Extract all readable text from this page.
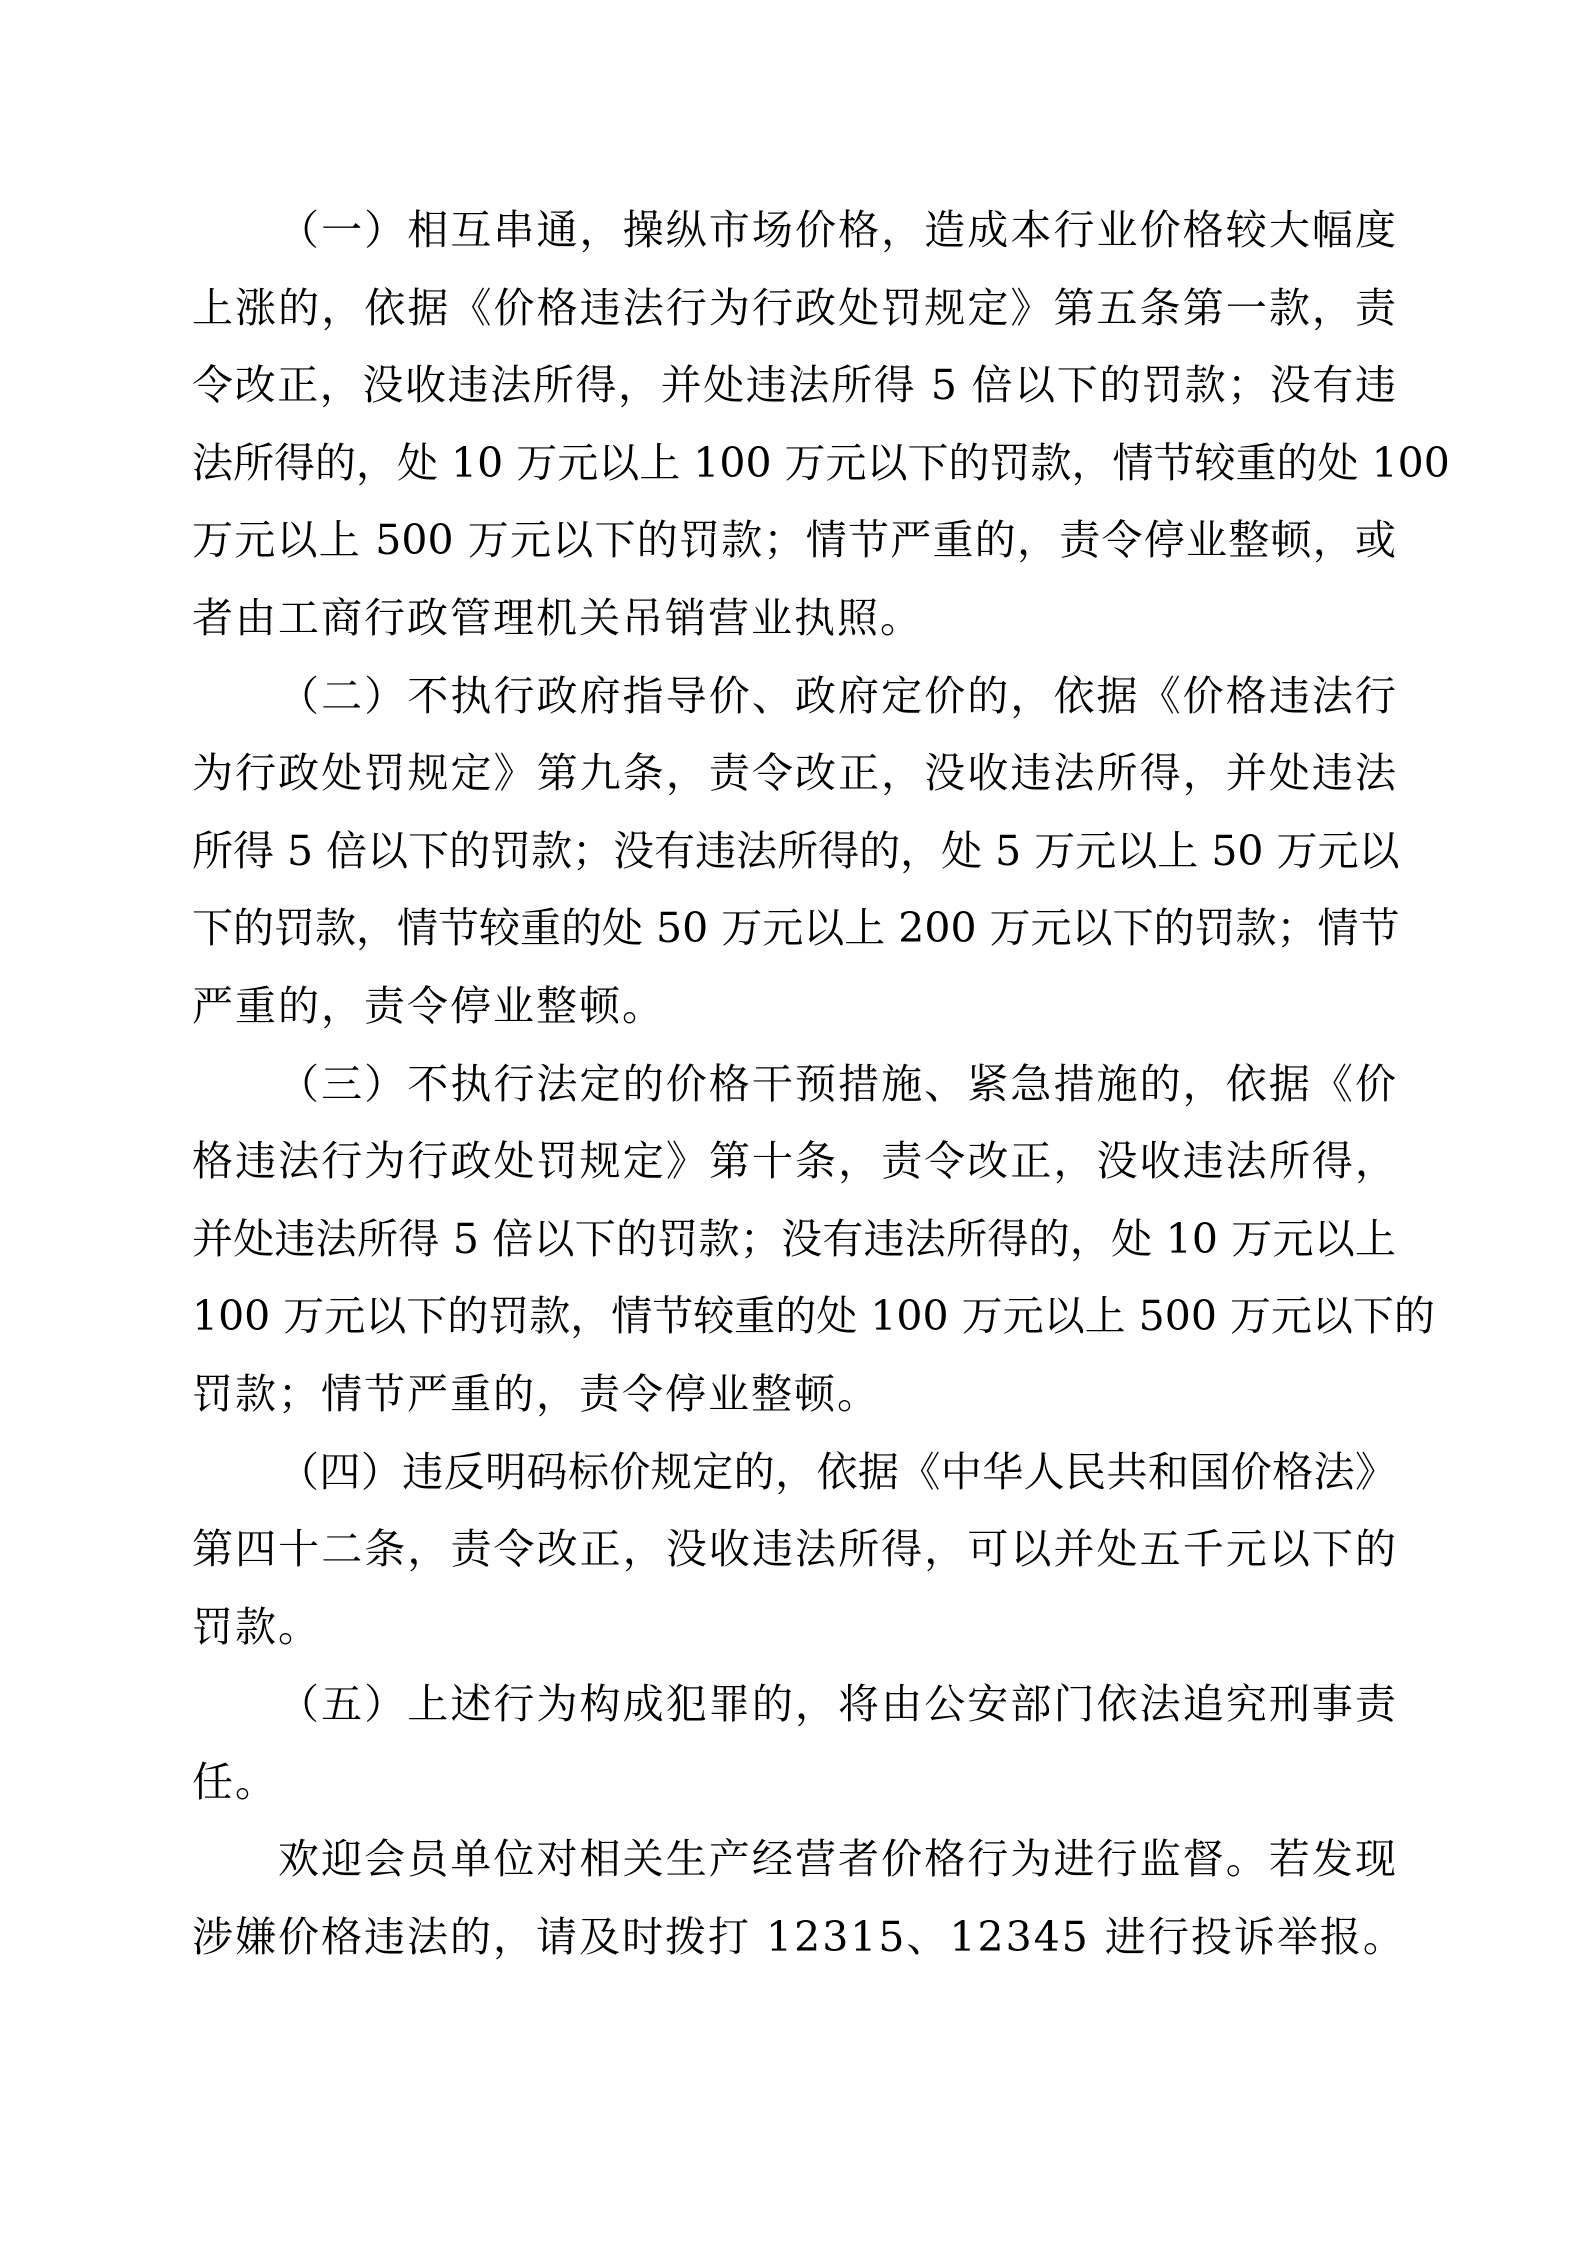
（一）相互串通，操纵市场价格，造成本行业价格较大幅度
上涨的，依据《价格违法行为行政处罚规定》第五条第一款，责
令改正，没收违法所得，并处违法所得 5 倍以下的罚款；没有违
法所得的，处 10 万元以上 100 万元以下的罚款，情节较重的处 100
万元以上 500 万元以下的罚款；情节严重的，责令停业整顿，或
者由工商行政管理机关吊销营业执照。
（二）不执行政府指导价、政府定价的，依据《价格违法行
为行政处罚规定》第九条，责令改正，没收违法所得，并处违法
所得 5 倍以下的罚款；没有违法所得的，处 5 万元以上 50 万元以
下的罚款，情节较重的处 50 万元以上 200 万元以下的罚款；情节
严重的，责令停业整顿。
（三）不执行法定的价格干预措施、紧急措施的，依据《价
格违法行为行政处罚规定》第十条，责令改正，没收违法所得，
并处违法所得 5 倍以下的罚款；没有违法所得的，处 10 万元以上
100 万元以下的罚款，情节较重的处 100 万元以上 500 万元以下的
罚款；情节严重的，责令停业整顿。
（四）违反明码标价规定的，依据《中华人民共和国价格法》
第四十二条，责令改正，没收违法所得，可以并处五千元以下的
罚款。
（五）上述行为构成犯罪的，将由公安部门依法追究刑事责
任。
欢迎会员单位对相关生产经营者价格行为进行监督。若发现
涉嫌价格违法的，请及时拨打 12315、12345 进行投诉举报。
